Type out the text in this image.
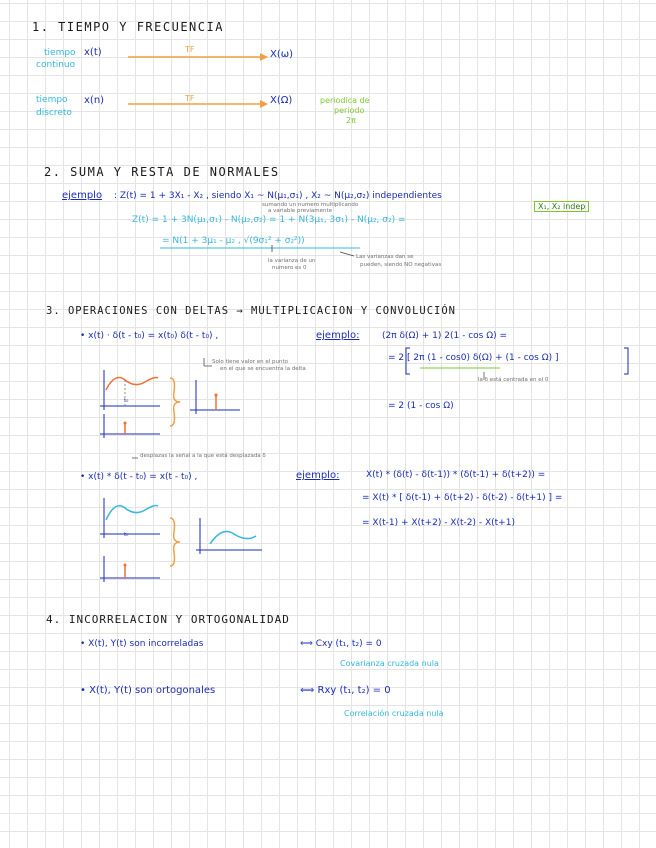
1. TIEMPO Y FRECUENCIA
tiempo
continuo
x(t)	TF	X(ω)
tiempo
discreto
x(n)	TF	X(Ω)	periodica de
periodo
2π
2. SUMA Y RESTA DE NORMALES
ejemplo : Z(t) = 1 + 3X₁ - X₂ , siendo X₁ ~ N(μ₁,σ₁) , X₂ ~ N(μ₂,σ₂) independientes
sumando un numero multiplicando
a variable previamente	X₁, X₂ indep
Z(t) = 1 + 3N(μ₁,σ₁) - N(μ₂,σ₂) = 1 + N(3μ₁, 3σ₁) - N(μ₂, σ₂) =
= N(1 + 3μ₁ - μ₂ , √(9σ₁² + σ₂²))
la varianza de un
numero es 0
Las varianzas dan se
pueden, siendo NO negativas
3. OPERACIONES CON DELTAS → MULTIPLICACION Y CONVOLUCIÓN
• x(t) · δ(t - t₀) = x(t₀) δ(t - t₀) ,	ejemplo:	(2π δ(Ω) + 1) 2(1 - cos Ω) =
= 2 [ 2π (1 - cos0) δ(Ω) + (1 - cos Ω) ]
la δ está centrada en el 0
= 2 (1 - cos Ω)
Solo tiene valor en el punto
en el que se encuentra la delta
desplazas la señal a la que está desplazada δ
• x(t) * δ(t - t₀) = x(t - t₀) ,	ejemplo:	X(t) * (δ(t) - δ(t-1)) * (δ(t-1) + δ(t+2)) =
= X(t) * [ δ(t-1) + δ(t+2) - δ(t-2) - δ(t+1) ] =
= X(t-1) + X(t+2) - X(t-2) - X(t+1)
t₀
t₀
4. INCORRELACION Y ORTOGONALIDAD
• X(t), Y(t) son incorreladas	⟺ Cxy (t₁, t₂) = 0
Covarianza cruzada nula
• X(t), Y(t) son ortogonales	⟺ Rxy (t₁, t₂) = 0
Correlación cruzada nula
